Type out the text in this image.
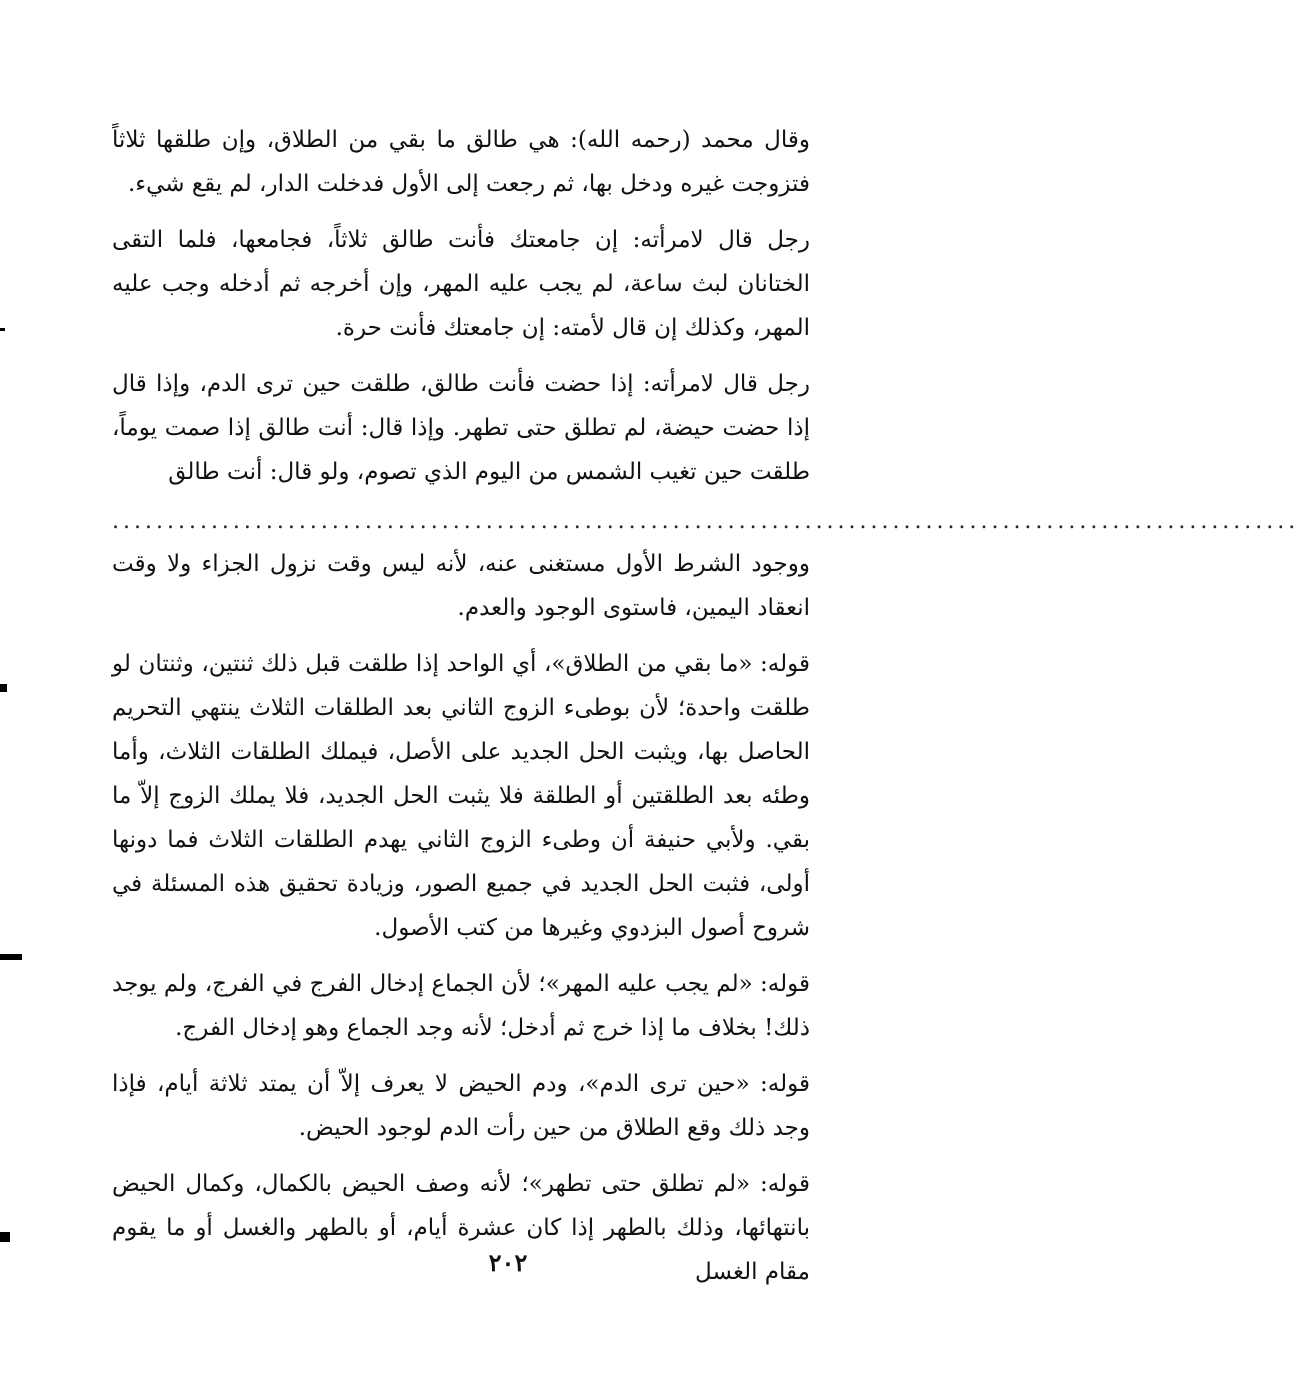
وقال محمد (رحمه الله): هي طالق ما بقي من الطلاق، وإن طلقها ثلاثاً فتزوجت غيره ودخل بها، ثم رجعت إلى الأول فدخلت الدار، لم يقع شيء.

رجل قال لامرأته: إن جامعتك فأنت طالق ثلاثاً، فجامعها، فلما التقى الختانان لبث ساعة، لم يجب عليه المهر، وإن أخرجه ثم أدخله وجب عليه المهر، وكذلك إن قال لأمته: إن جامعتك فأنت حرة.

رجل قال لامرأته: إذا حضت فأنت طالق، طلقت حين ترى الدم، وإذا قال إذا حضت حيضة، لم تطلق حتى تطهر. وإذا قال: أنت طالق إذا صمت يوماً، طلقت حين تغيب الشمس من اليوم الذي تصوم، ولو قال: أنت طالق

............................................................................................................

ووجود الشرط الأول مستغنى عنه، لأنه ليس وقت نزول الجزاء ولا وقت انعقاد اليمين، فاستوى الوجود والعدم.

قوله: «ما بقي من الطلاق»، أي الواحد إذا طلقت قبل ذلك ثنتين، وثنتان لو طلقت واحدة؛ لأن بوطىء الزوج الثاني بعد الطلقات الثلاث ينتهي التحريم الحاصل بها، ويثبت الحل الجديد على الأصل، فيملك الطلقات الثلاث، وأما وطئه بعد الطلقتين أو الطلقة فلا يثبت الحل الجديد، فلا يملك الزوج إلاّ ما بقي. ولأبي حنيفة أن وطىء الزوج الثاني يهدم الطلقات الثلاث فما دونها أولى، فثبت الحل الجديد في جميع الصور، وزيادة تحقيق هذه المسئلة في شروح أصول البزدوي وغيرها من كتب الأصول.

قوله: «لم يجب عليه المهر»؛ لأن الجماع إدخال الفرج في الفرج، ولم يوجد ذلك! بخلاف ما إذا خرج ثم أدخل؛ لأنه وجد الجماع وهو إدخال الفرج.

قوله: «حين ترى الدم»، ودم الحيض لا يعرف إلاّ أن يمتد ثلاثة أيام، فإذا وجد ذلك وقع الطلاق من حين رأت الدم لوجود الحيض.

قوله: «لم تطلق حتى تطهر»؛ لأنه وصف الحيض بالكمال، وكمال الحيض بانتهائها، وذلك بالطهر إذا كان عشرة أيام، أو بالطهر والغسل أو ما يقوم مقام الغسل

٢٠٢
